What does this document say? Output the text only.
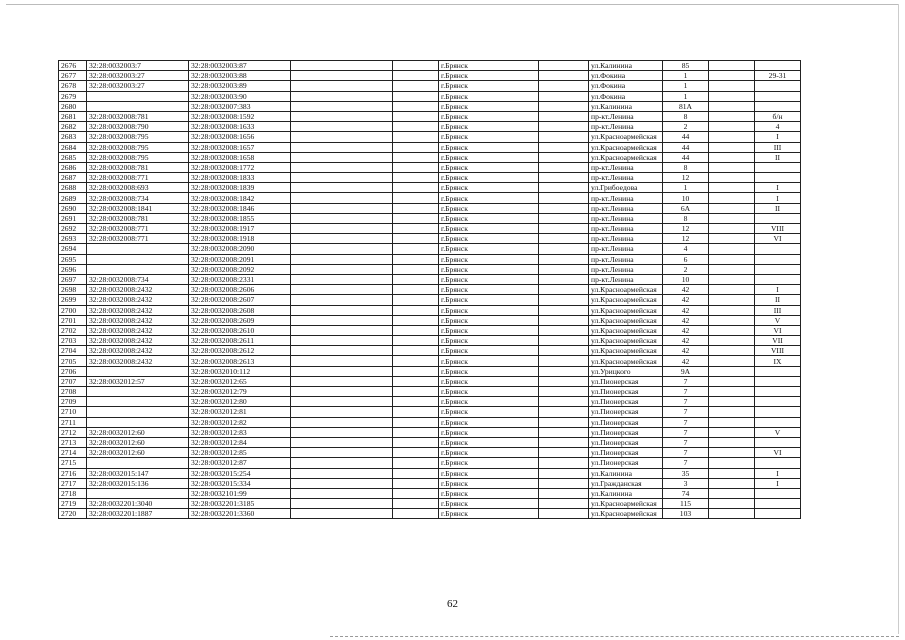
2676	32:28:0032003:7	32:28:0032003:87			г.Брянск		ул.Калинина	85		
2677	32:28:0032003:27	32:28:0032003:88			г.Брянск		ул.Фокина	1		29-31
2678	32:28:0032003:27	32:28:0032003:89			г.Брянск		ул.Фокина	1		
2679		32:28:0032003:90			г.Брянск		ул.Фокина	1		
2680		32:28:0032007:383			г.Брянск		ул.Калинина	81А		
2681	32:28:0032008:781	32:28:0032008:1592			г.Брянск		пр-кт.Ленина	8		б/н
2682	32:28:0032008:790	32:28:0032008:1633			г.Брянск		пр-кт.Ленина	2		4
2683	32:28:0032008:795	32:28:0032008:1656			г.Брянск		ул.Красноармейская	44		I
2684	32:28:0032008:795	32:28:0032008:1657			г.Брянск		ул.Красноармейская	44		III
2685	32:28:0032008:795	32:28:0032008:1658			г.Брянск		ул.Красноармейская	44		II
2686	32:28:0032008:781	32:28:0032008:1772			г.Брянск		пр-кт.Ленина	8		
2687	32:28:0032008:771	32:28:0032008:1833			г.Брянск		пр-кт.Ленина	12		
2688	32:28:0032008:693	32:28:0032008:1839			г.Брянск		ул.Грибоедова	1		I
2689	32:28:0032008:734	32:28:0032008:1842			г.Брянск		пр-кт.Ленина	10		I
2690	32:28:0032008:1841	32:28:0032008:1846			г.Брянск		пр-кт.Ленина	6А		II
2691	32:28:0032008:781	32:28:0032008:1855			г.Брянск		пр-кт.Ленина	8		
2692	32:28:0032008:771	32:28:0032008:1917			г.Брянск		пр-кт.Ленина	12		VIII
2693	32:28:0032008:771	32:28:0032008:1918			г.Брянск		пр-кт.Ленина	12		VI
2694		32:28:0032008:2090			г.Брянск		пр-кт.Ленина	4		
2695		32:28:0032008:2091			г.Брянск		пр-кт.Ленина	6		
2696		32:28:0032008:2092			г.Брянск		пр-кт.Ленина	2		
2697	32:28:0032008:734	32:28:0032008:2331			г.Брянск		пр-кт.Ленина	10		
2698	32:28:0032008:2432	32:28:0032008:2606			г.Брянск		ул.Красноармейская	42		I
2699	32:28:0032008:2432	32:28:0032008:2607			г.Брянск		ул.Красноармейская	42		II
2700	32:28:0032008:2432	32:28:0032008:2608			г.Брянск		ул.Красноармейская	42		III
2701	32:28:0032008:2432	32:28:0032008:2609			г.Брянск		ул.Красноармейская	42		V
2702	32:28:0032008:2432	32:28:0032008:2610			г.Брянск		ул.Красноармейская	42		VI
2703	32:28:0032008:2432	32:28:0032008:2611			г.Брянск		ул.Красноармейская	42		VII
2704	32:28:0032008:2432	32:28:0032008:2612			г.Брянск		ул.Красноармейская	42		VIII
2705	32:28:0032008:2432	32:28:0032008:2613			г.Брянск		ул.Красноармейская	42		IX
2706		32:28:0032010:112			г.Брянск		ул.Урицкого	9А		
2707	32:28:0032012:57	32:28:0032012:65			г.Брянск		ул.Пионерская	7		
2708		32:28:0032012:79			г.Брянск		ул.Пионерская	7		
2709		32:28:0032012:80			г.Брянск		ул.Пионерская	7		
2710		32:28:0032012:81			г.Брянск		ул.Пионерская	7		
2711		32:28:0032012:82			г.Брянск		ул.Пионерская	7		
2712	32:28:0032012:60	32:28:0032012:83			г.Брянск		ул.Пионерская	7		V
2713	32:28:0032012:60	32:28:0032012:84			г.Брянск		ул.Пионерская	7		
2714	32:28:0032012:60	32:28:0032012:85			г.Брянск		ул.Пионерская	7		VI
2715		32:28:0032012:87			г.Брянск		ул.Пионерская	7		
2716	32:28:0032015:147	32:28:0032015:254			г.Брянск		ул.Калинина	35		I
2717	32:28:0032015:136	32:28:0032015:334			г.Брянск		ул.Гражданская	3		I
2718		32:28:0032101:99			г.Брянск		ул.Калинина	74		
2719	32:28:0032201:3040	32:28:0032201:3185			г.Брянск		ул.Красноармейская	115		
2720	32:28:0032201:1887	32:28:0032201:3360			г.Брянск		ул.Красноармейская	103		
62
